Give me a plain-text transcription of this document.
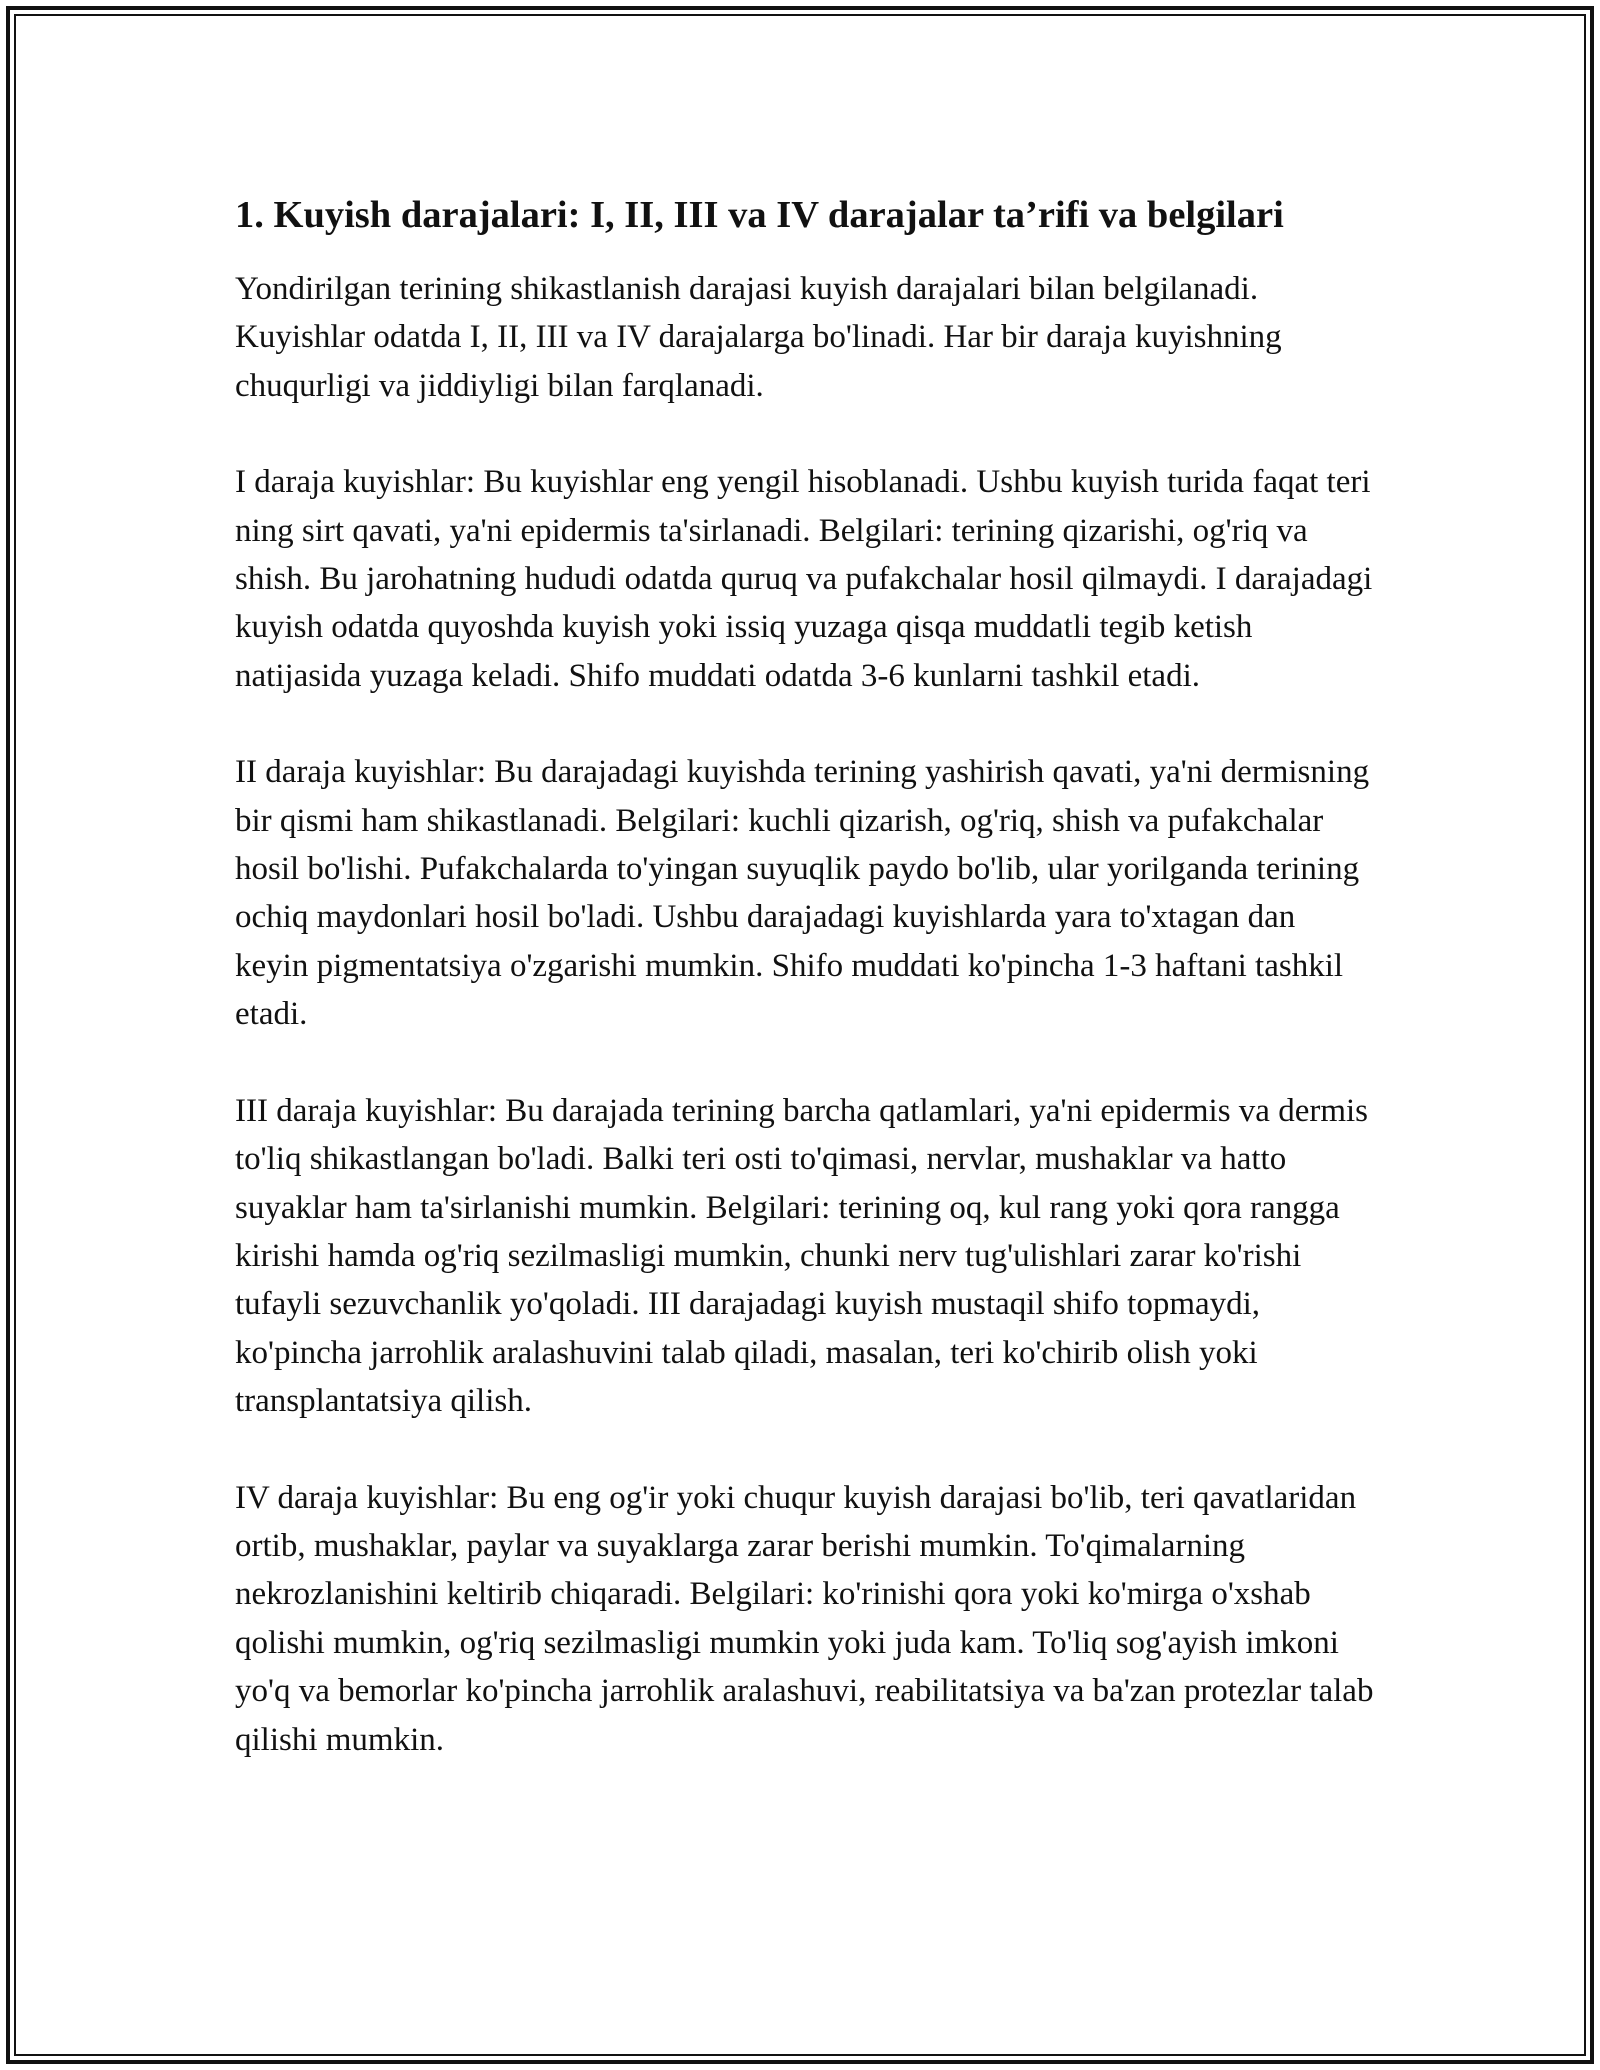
1. Kuyish darajalari: I, II, III va IV darajalar ta’rifi va belgilari

Yondirilgan terining shikastlanish darajasi kuyish darajalari bilan belgilanadi. Kuyishlar odatda I, II, III va IV darajalarga bo'linadi. Har bir daraja kuyishning chuqurligi va jiddiyligi bilan farqlanadi.

I daraja kuyishlar: Bu kuyishlar eng yengil hisoblanadi. Ushbu kuyish turida faqat teri ning sirt qavati, ya'ni epidermis ta'sirlanadi. Belgilari: terining qizarishi, og'riq va shish. Bu jarohatning hududi odatda quruq va pufakchalar hosil qilmaydi. I darajadagi kuyish odatda quyoshda kuyish yoki issiq yuzaga qisqa muddatli tegib ketish natijasida yuzaga keladi. Shifo muddati odatda 3-6 kunlarni tashkil etadi.

II daraja kuyishlar: Bu darajadagi kuyishda terining yashirish qavati, ya'ni dermisning bir qismi ham shikastlanadi. Belgilari: kuchli qizarish, og'riq, shish va pufakchalar hosil bo'lishi. Pufakchalarda to'yingan suyuqlik paydo bo'lib, ular yorilganda terining ochiq maydonlari hosil bo'ladi. Ushbu darajadagi kuyishlarda yara to'xtagan dan keyin pigmentatsiya o'zgarishi mumkin. Shifo muddati ko'pincha 1-3 haftani tashkil etadi.

III daraja kuyishlar: Bu darajada terining barcha qatlamlari, ya'ni epidermis va dermis to'liq shikastlangan bo'ladi. Balki teri osti to'qimasi, nervlar, mushaklar va hatto suyaklar ham ta'sirlanishi mumkin. Belgilari: terining oq, kul rang yoki qora rangga kirishi hamda og'riq sezilmasligi mumkin, chunki nerv tug'ulishlari zarar ko'rishi tufayli sezuvchanlik yo'qoladi. III darajadagi kuyish mustaqil shifo topmaydi, ko'pincha jarrohlik aralashuvini talab qiladi, masalan, teri ko'chirib olish yoki transplantatsiya qilish.

IV daraja kuyishlar: Bu eng og'ir yoki chuqur kuyish darajasi bo'lib, teri qavatlaridan ortib, mushaklar, paylar va suyaklarga zarar berishi mumkin. To'qimalarning nekrozlanishini keltirib chiqaradi. Belgilari: ko'rinishi qora yoki ko'mirga o'xshab qolishi mumkin, og'riq sezilmasligi mumkin yoki juda kam. To'liq sog'ayish imkoni yo'q va bemorlar ko'pincha jarrohlik aralashuvi, reabilitatsiya va ba'zan protezlar talab qilishi mumkin.
